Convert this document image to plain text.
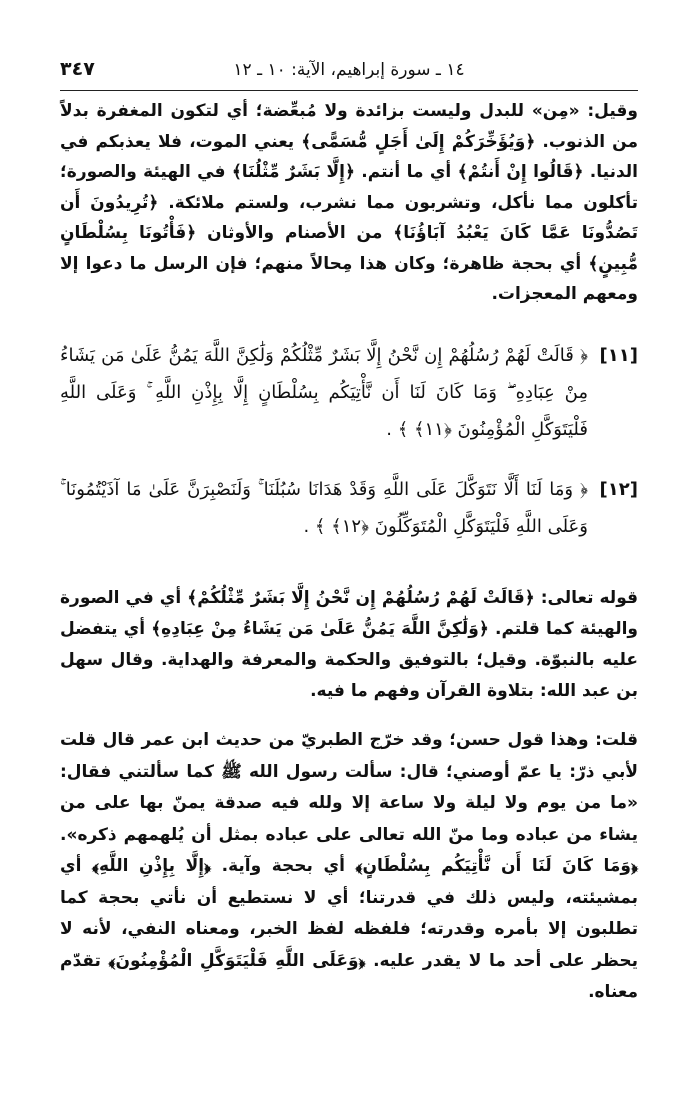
٣٤٧	١٤ ـ سورة إبراهيم، الآية: ١٠ ـ ١٢

وقيل: «مِن» للبدل وليست بزائدة ولا مُبعِّضة؛ أي لتكون المغفرة بدلاً من الذنوب. ﴿وَيُؤَخِّرَكُمْ إِلَىٰ أَجَلٍ مُّسَمًّى﴾ يعني الموت، فلا يعذبكم في الدنيا. ﴿قَالُوا إِنْ أَنتُمْ﴾ أي ما أنتم. ﴿إِلَّا بَشَرٌ مِّثْلُنَا﴾ في الهيئة والصورة؛ تأكلون مما نأكل، وتشربون مما نشرب، ولستم ملائكة. ﴿تُرِيدُونَ أَن تَصُدُّونَا عَمَّا كَانَ يَعْبُدُ آبَاؤُنَا﴾ من الأصنام والأوثان ﴿فَأْتُونَا بِسُلْطَانٍ مُّبِينٍ﴾ أي بحجة ظاهرة؛ وكان هذا مِحالاً منهم؛ فإن الرسل ما دعوا إلا ومعهم المعجزات.

[١١]
﴿ قَالَتْ لَهُمْ رُسُلُهُمْ إِن نَّحْنُ إِلَّا بَشَرٌ مِّثْلُكُمْ وَلَٰكِنَّ اللَّهَ يَمُنُّ عَلَىٰ مَن يَشَاءُ مِنْ عِبَادِهِ ۖ وَمَا كَانَ لَنَا أَن نَّأْتِيَكُم بِسُلْطَانٍ إِلَّا بِإِذْنِ اللَّهِ ۚ وَعَلَى اللَّهِ فَلْيَتَوَكَّلِ الْمُؤْمِنُونَ ﴿١١﴾ ﴾ .
[١٢]
﴿ وَمَا لَنَا أَلَّا نَتَوَكَّلَ عَلَى اللَّهِ وَقَدْ هَدَانَا سُبُلَنَا ۚ وَلَنَصْبِرَنَّ عَلَىٰ مَا آذَيْتُمُونَا ۚ وَعَلَى اللَّهِ فَلْيَتَوَكَّلِ الْمُتَوَكِّلُونَ ﴿١٢﴾ ﴾ .

قوله تعالى: ﴿قَالَتْ لَهُمْ رُسُلُهُمْ إِن نَّحْنُ إِلَّا بَشَرٌ مِّثْلُكُمْ﴾ أي في الصورة والهيئة كما قلتم. ﴿وَلَٰكِنَّ اللَّهَ يَمُنُّ عَلَىٰ مَن يَشَاءُ مِنْ عِبَادِهِ﴾ أي يتفضل عليه بالنبوّة. وقيل؛ بالتوفيق والحكمة والمعرفة والهداية. وقال سهل بن عبد الله: بتلاوة القرآن وفهم ما فيه.

قلت: وهذا قول حسن؛ وقد خرّج الطبريّ من حديث ابن عمر قال قلت لأبي ذرّ: يا عمّ أوصني؛ قال: سألت رسول الله ﷺ كما سألتني فقال: «ما من يوم ولا ليلة ولا ساعة إلا ولله فيه صدقة يمنّ بها على من يشاء من عباده وما منّ الله تعالى على عباده بمثل أن يُلهمهم ذكره». ﴿وَمَا كَانَ لَنَا أَن نَّأْتِيَكُم بِسُلْطَانٍ﴾ أي بحجة وآية. ﴿إِلَّا بِإِذْنِ اللَّهِ﴾ أي بمشيئته، وليس ذلك في قدرتنا؛ أي لا نستطيع أن نأتي بحجة كما تطلبون إلا بأمره وقدرته؛ فلفظه لفظ الخبر، ومعناه النفي، لأنه لا يحظر على أحد ما لا يقدر عليه. ﴿وَعَلَى اللَّهِ فَلْيَتَوَكَّلِ الْمُؤْمِنُونَ﴾ تقدّم معناه.
